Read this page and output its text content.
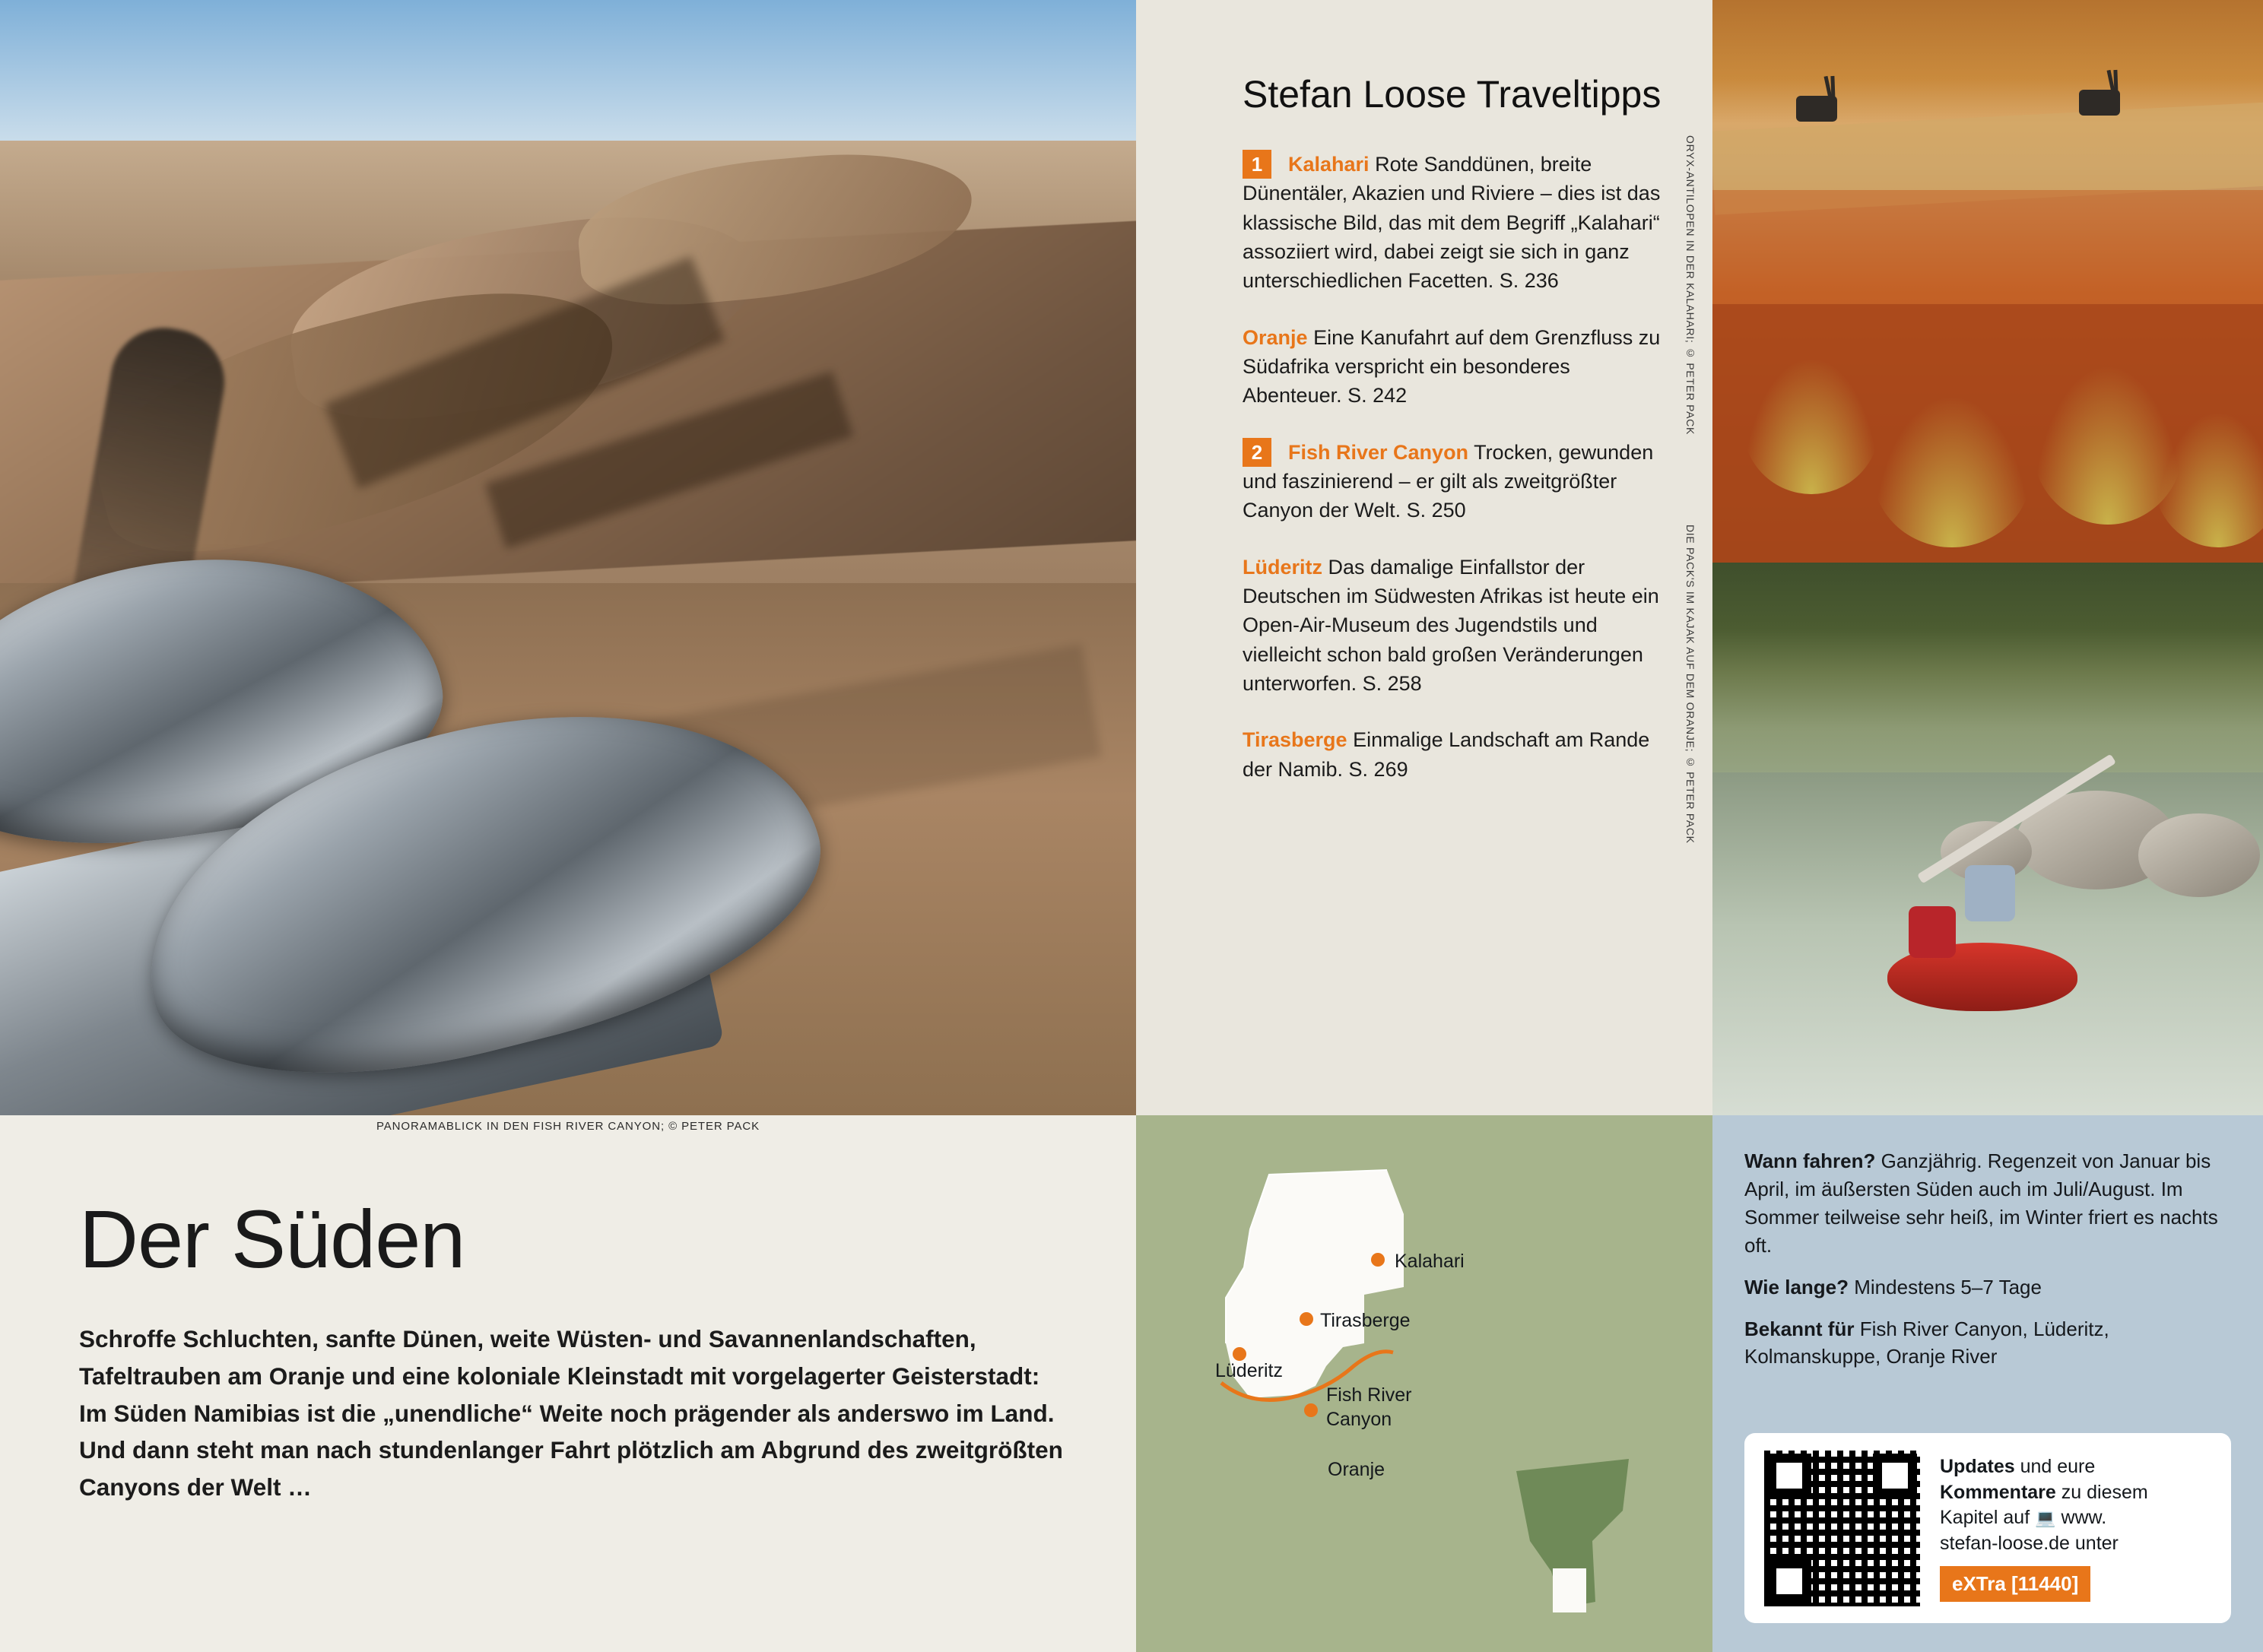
PANORAMABLICK IN DEN FISH RIVER CANYON; © PETER PACK
Der Süden
Schroffe Schluchten, sanfte Dünen, weite Wüsten- und Savannenlandschaften, Tafeltrauben am Oranje und eine koloniale Kleinstadt mit vorgelagerter Geisterstadt: Im Süden Namibias ist die „unendliche“ Weite noch prägender als anderswo im Land. Und dann steht man nach stundenlanger Fahrt plötzlich am Abgrund des zweitgrößten Canyons der Welt …
Stefan Loose Traveltipps
1	Kalahari Rote Sanddünen, breite Dünentäler, Akazien und Riviere – dies ist das klassische Bild, das mit dem Begriff „Kalahari“ assoziiert wird, dabei zeigt sie sich in ganz unterschiedlichen Facetten. S. 236
Oranje Eine Kanufahrt auf dem Grenzfluss zu Südafrika verspricht ein besonderes Abenteuer. S. 242
2	Fish River Canyon Trocken, gewunden und faszinierend – er gilt als zweitgrößter Canyon der Welt. S. 250
Lüderitz Das damalige Einfallstor der Deutschen im Südwesten Afrikas ist heute ein Open-Air-Museum des Jugendstils und vielleicht schon bald großen Veränderungen unterworfen. S. 258
Tirasberge Einmalige Landschaft am Rande der Namib. S. 269
ORYX-ANTILOPEN IN DER KALAHARI; © PETER PACK
DIE PACK'S IM KAJAK AUF DEM ORANJE; © PETER PACK
Kalahari
Tirasberge
Lüderitz
Fish River
Canyon
Oranje
Wann fahren? Ganzjährig. Regenzeit von Januar bis April, im äußersten Süden auch im Juli/August. Im Sommer teilweise sehr heiß, im Winter friert es nachts oft.
Wie lange? Mindestens 5–7 Tage
Bekannt für Fish River Canyon, Lüderitz, Kolmanskuppe, Oranje River
Updates und eure
Kommentare zu diesem
Kapitel auf 💻 www.
stefan-loose.de unter
eXTra [11440]
